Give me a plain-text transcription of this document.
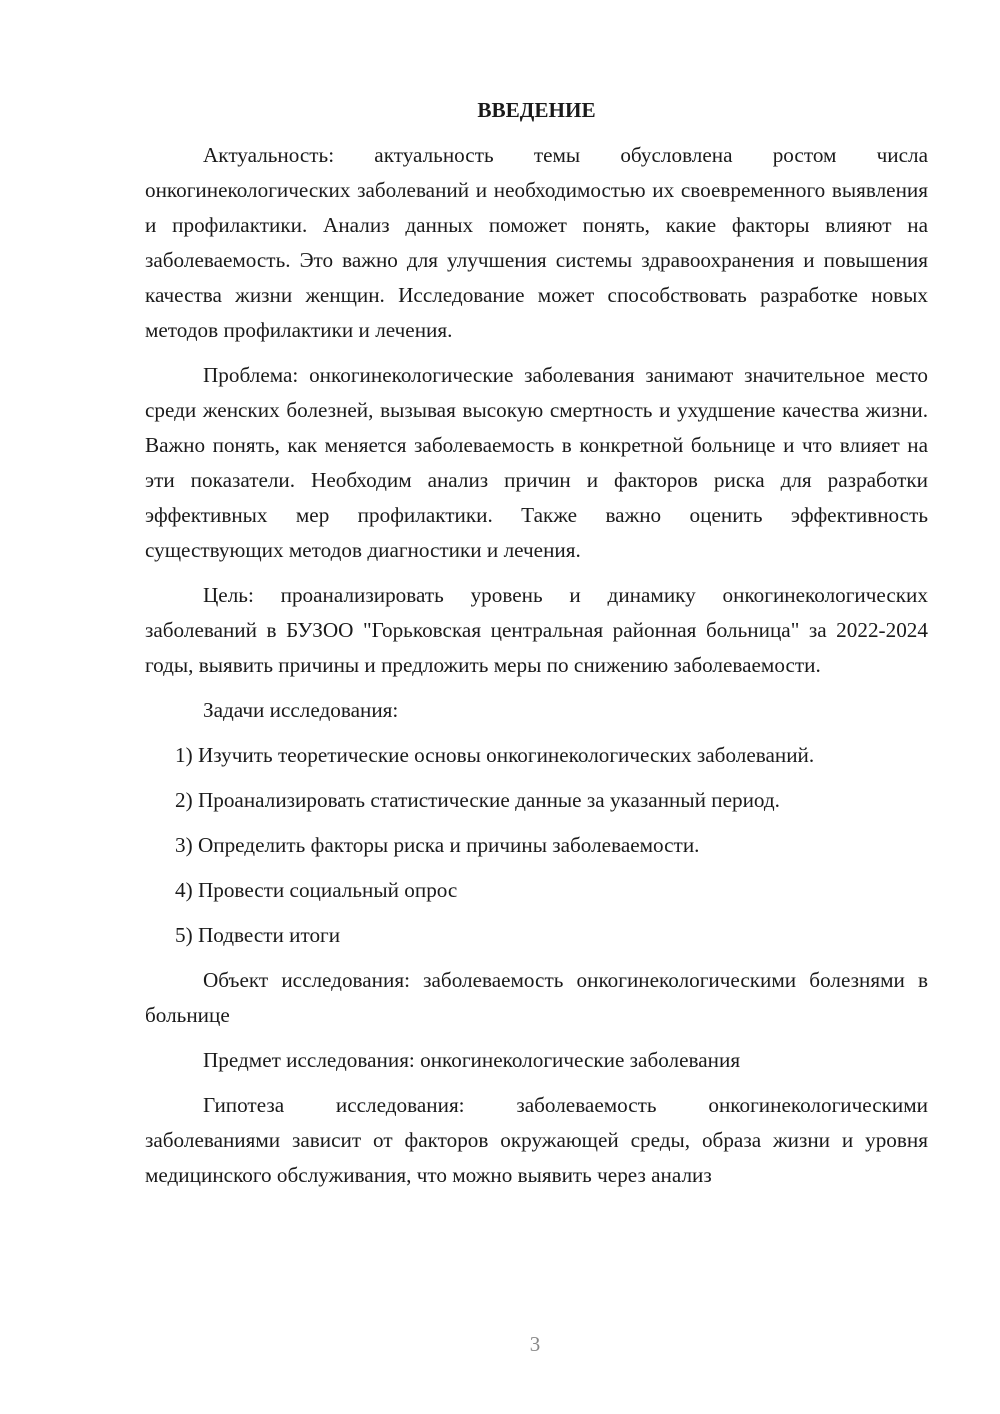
ВВЕДЕНИЕ

Актуальность: актуальность темы обусловлена ростом числа онкогинекологических заболеваний и необходимостью их своевременного выявления и профилактики. Анализ данных поможет понять, какие факторы влияют на заболеваемость. Это важно для улучшения системы здравоохранения и повышения качества жизни женщин. Исследование может способствовать разработке новых методов профилактики и лечения.

Проблема: онкогинекологические заболевания занимают значительное место среди женских болезней, вызывая высокую смертность и ухудшение качества жизни. Важно понять, как меняется заболеваемость в конкретной больнице и что влияет на эти показатели. Необходим анализ причин и факторов риска для разработки эффективных мер профилактики. Также важно оценить эффективность существующих методов диагностики и лечения.

Цель: проанализировать уровень и динамику онкогинекологических заболеваний в БУЗОО "Горьковская центральная районная больница" за 2022-2024 годы, выявить причины и предложить меры по снижению заболеваемости.

Задачи исследования:

1) Изучить теоретические основы онкогинекологических заболеваний.
2) Проанализировать статистические данные за указанный период.
3) Определить факторы риска и причины заболеваемости.
4) Провести социальный опрос
5) Подвести итоги

Объект исследования: заболеваемость онкогинекологическими болезнями в больнице

Предмет исследования: онкогинекологические заболевания

Гипотеза исследования: заболеваемость онкогинекологическими заболеваниями зависит от факторов окружающей среды, образа жизни и уровня медицинского обслуживания, что можно выявить через анализ

3
